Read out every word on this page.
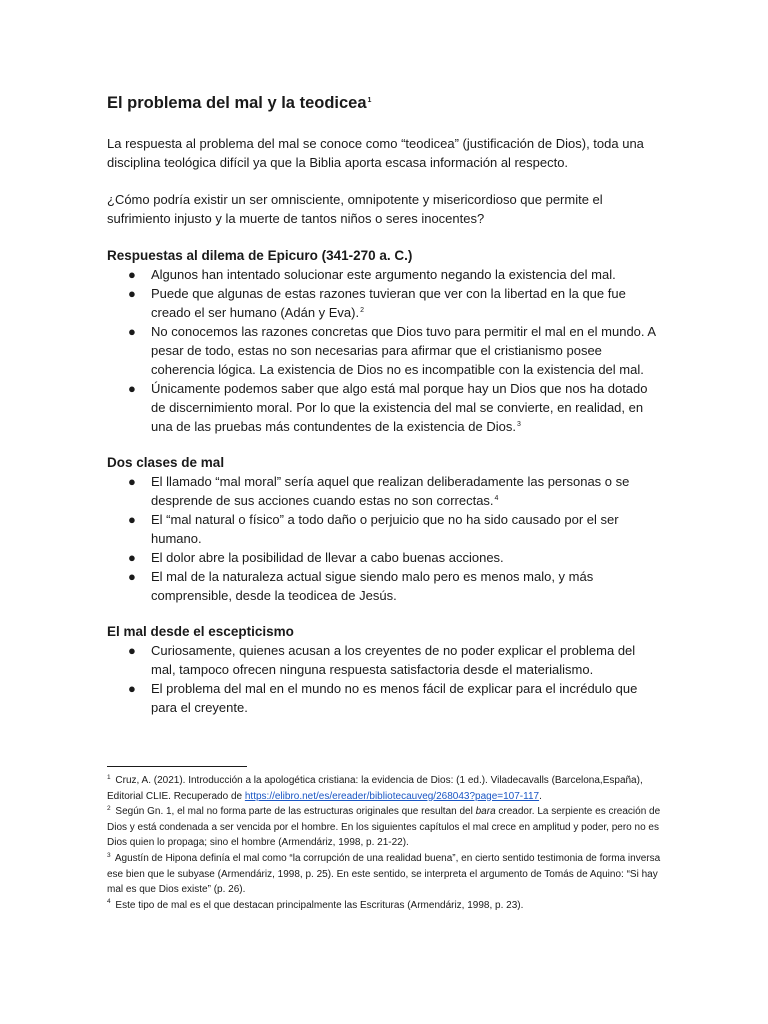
El problema del mal y la teodicea$^1$

La respuesta al problema del mal se conoce como “teodicea” (justificación de Dios), toda una disciplina teológica difícil ya que la Biblia aporta escasa información al respecto.

¿Cómo podría existir un ser omnisciente, omnipotente y misericordioso que permite el sufrimiento injusto y la muerte de tantos niños o seres inocentes?

Respuestas al dilema de Epicuro (341-270 a. C.)
● Algunos han intentado solucionar este argumento negando la existencia del mal.
● Puede que algunas de estas razones tuvieran que ver con la libertad en la que fue creado el ser humano (Adán y Eva).$^2$
● No conocemos las razones concretas que Dios tuvo para permitir el mal en el mundo. A pesar de todo, estas no son necesarias para afirmar que el cristianismo posee coherencia lógica. La existencia de Dios no es incompatible con la existencia del mal.
● Únicamente podemos saber que algo está mal porque hay un Dios que nos ha dotado de discernimiento moral. Por lo que la existencia del mal se convierte, en realidad, en una de las pruebas más contundentes de la existencia de Dios.$^3$
Dos clases de mal
● El llamado “mal moral” sería aquel que realizan deliberadamente las personas o se desprende de sus acciones cuando estas no son correctas.$^4$
● El “mal natural o físico” a todo daño o perjuicio que no ha sido causado por el ser humano.
● El dolor abre la posibilidad de llevar a cabo buenas acciones.
● El mal de la naturaleza actual sigue siendo malo pero es menos malo, y más comprensible, desde la teodicea de Jesús.
El mal desde el escepticismo
● Curiosamente, quienes acusan a los creyentes de no poder explicar el problema del mal, tampoco ofrecen ninguna respuesta satisfactoria desde el materialismo.
● El problema del mal en el mundo no es menos fácil de explicar para el incrédulo que para el creyente.

$^1$ Cruz, A. (2021). Introducción a la apologética cristiana: la evidencia de Dios: (1 ed.). Viladecavalls (Barcelona,España), Editorial CLIE. Recuperado de https://elibro.net/es/ereader/bibliotecauveg/268043?page=107-117.

$^2$ Según Gn. 1, el mal no forma parte de las estructuras originales que resultan del bara creador. La serpiente es creación de Dios y está condenada a ser vencida por el hombre. En los siguientes capítulos el mal crece en amplitud y poder, pero no es Dios quien lo propaga; sino el hombre (Armendáriz, 1998, p. 21-22).

$^3$ Agustín de Hipona definía el mal como “la corrupción de una realidad buena”, en cierto sentido testimonia de forma inversa ese bien que le subyase (Armendáriz, 1998, p. 25). En este sentido, se interpreta el argumento de Tomás de Aquino: “Si hay mal es que Dios existe” (p. 26).

$^4$ Este tipo de mal es el que destacan principalmente las Escrituras (Armendáriz, 1998, p. 23).
